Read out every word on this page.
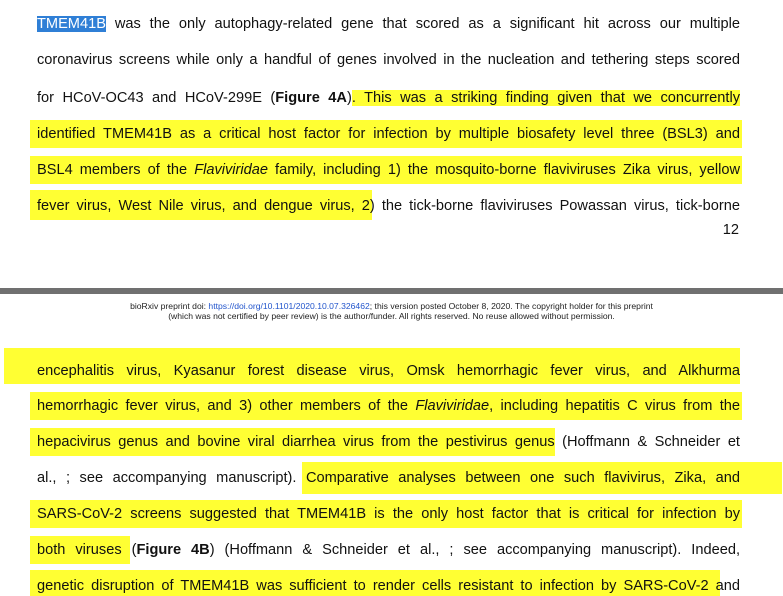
TMEM41B was the only autophagy-related gene that scored as a significant hit across our multiple
coronavirus screens while only a handful of genes involved in the nucleation and tethering steps scored
for HCoV-OC43 and HCoV-299E (Figure 4A). This was a striking finding given that we concurrently
identified TMEM41B as a critical host factor for infection by multiple biosafety level three (BSL3) and
BSL4 members of the Flaviviridae family, including 1) the mosquito-borne flaviviruses Zika virus, yellow
fever virus, West Nile virus, and dengue virus, 2) the tick-borne flaviviruses Powassan virus, tick-borne
12
bioRxiv preprint doi: https://doi.org/10.1101/2020.10.07.326462; this version posted October 8, 2020. The copyright holder for this preprint
(which was not certified by peer review) is the author/funder. All rights reserved. No reuse allowed without permission.
encephalitis virus, Kyasanur forest disease virus, Omsk hemorrhagic fever virus, and Alkhurma
hemorrhagic fever virus, and 3) other members of the Flaviviridae, including hepatitis C virus from the
hepacivirus genus and bovine viral diarrhea virus from the pestivirus genus (Hoffmann & Schneider et
al., ; see accompanying manuscript). Comparative analyses between one such flavivirus, Zika, and
SARS-CoV-2 screens suggested that TMEM41B is the only host factor that is critical for infection by
both viruses (Figure 4B) (Hoffmann & Schneider et al., ; see accompanying manuscript). Indeed,
genetic disruption of TMEM41B was sufficient to render cells resistant to infection by SARS-CoV-2 and
